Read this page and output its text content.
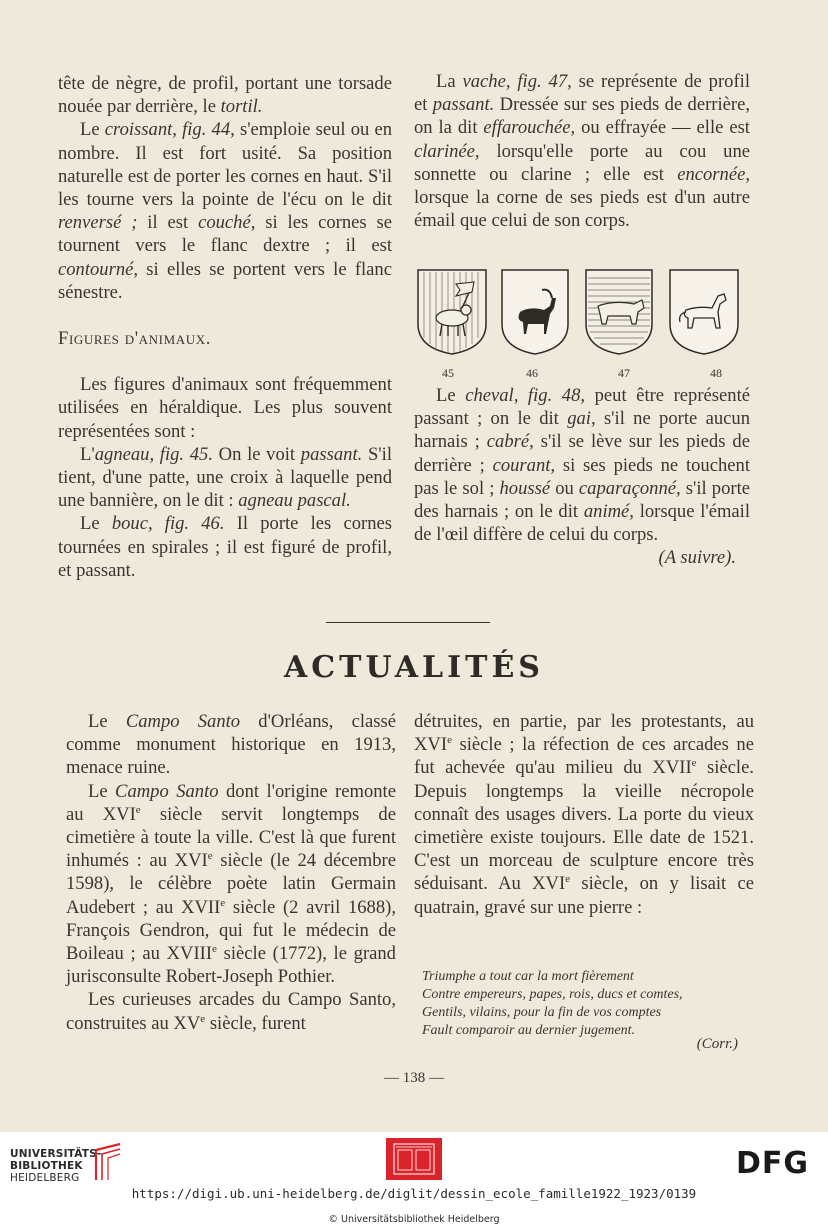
tête de nègre, de profil, portant une torsade nouée par derrière, le tortil.

Le croissant, fig. 44, s'emploie seul ou en nombre. Il est fort usité. Sa position naturelle est de porter les cornes en haut. S'il les tourne vers la pointe de l'écu on le dit renversé ; il est couché, si les cornes se tournent vers le flanc dextre ; il est contourné, si elles se portent vers le flanc sénestre.

Figures d'animaux.

Les figures d'animaux sont fréquemment utilisées en héraldique. Les plus souvent représentées sont :

L'agneau, fig. 45. On le voit passant. S'il tient, d'une patte, une croix à laquelle pend une bannière, on le dit : agneau pascal.

Le bouc, fig. 46. Il porte les cornes tournées en spirales ; il est figuré de profil, et passant.

La vache, fig. 47, se représente de profil et passant. Dressée sur ses pieds de derrière, on la dit effarouchée, ou effrayée — elle est clarinée, lorsqu'elle porte au cou une sonnette ou clarine ; elle est encornée, lorsque la corne de ses pieds est d'un autre émail que celui de son corps.

45	46	47	48

Le cheval, fig. 48, peut être représenté passant ; on le dit gai, s'il ne porte aucun harnais ; cabré, s'il se lève sur les pieds de derrière ; courant, si ses pieds ne touchent pas le sol ; houssé ou caparaçonné, s'il porte des harnais ; on le dit animé, lorsque l'émail de l'œil diffère de celui du corps.

(A suivre).

ACTUALITÉS

Le Campo Santo d'Orléans, classé comme monument historique en 1913, menace ruine.

Le Campo Santo dont l'origine remonte au XVIe siècle servit longtemps de cimetière à toute la ville. C'est là que furent inhumés : au XVIe siècle (le 24 décembre 1598), le célèbre poète latin Germain Audebert ; au XVIIe siècle (2 avril 1688), François Gendron, qui fut le médecin de Boileau ; au XVIIIe siècle (1772), le grand jurisconsulte Robert-Joseph Pothier.

Les curieuses arcades du Campo Santo, construites au XVe siècle, furent

détruites, en partie, par les protestants, au XVIe siècle ; la réfection de ces arcades ne fut achevée qu'au milieu du XVIIe siècle. Depuis longtemps la vieille nécropole connaît des usages divers. La porte du vieux cimetière existe toujours. Elle date de 1521. C'est un morceau de sculpture encore très séduisant. Au XVIe siècle, on y lisait ce quatrain, gravé sur une pierre :

Triumphe a tout car la mort fièrement
Contre empereurs, papes, rois, ducs et comtes,
Gentils, vilains, pour la fin de vos comptes
Fault comparoir au dernier jugement.
(Corr.)
— 138 —
UNIVERSITÄTS-
BIBLIOTHEK
HEIDELBERG	DFG
https://digi.ub.uni-heidelberg.de/diglit/dessin_ecole_famille1922_1923/0139
© Universitätsbibliothek Heidelberg
